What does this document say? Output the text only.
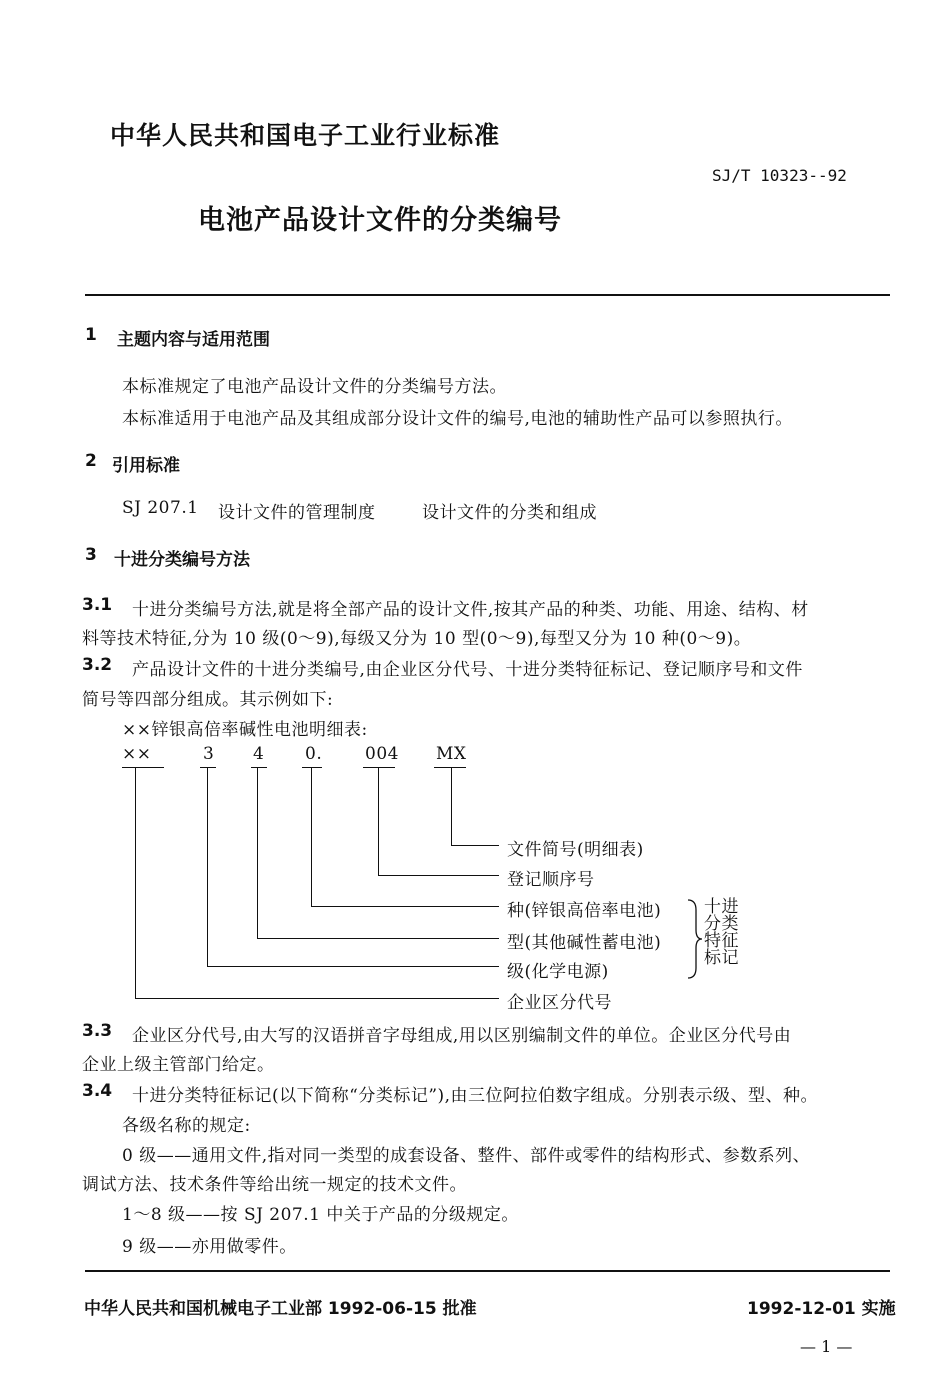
中华人民共和国电子工业行业标准
SJ/T 10323--92
电池产品设计文件的分类编号
1 主题内容与适用范围
本标准规定了电池产品设计文件的分类编号方法。
本标准适用于电池产品及其组成部分设计文件的编号,电池的辅助性产品可以参照执行。
2 引用标准
SJ 207.1 设计文件的管理制度	设计文件的分类和组成
3 十进分类编号方法
3.1 十进分类编号方法,就是将全部产品的设计文件,按其产品的种类、功能、用途、结构、材
料等技术特征,分为 10 级(0～9),每级又分为 10 型(0～9),每型又分为 10 种(0～9)。
3.2 产品设计文件的十进分类编号,由企业区分代号、十进分类特征标记、登记顺序号和文件
简号等四部分组成。其示例如下:
××锌银高倍率碱性电池明细表:
××	3 4 0.	004 MX
文件简号(明细表)
登记顺序号
种(锌银高倍率电池)
型(其他碱性蓄电池)
级(化学电源)
企业区分代号
十进
分类
特征
标记
3.3 企业区分代号,由大写的汉语拼音字母组成,用以区别编制文件的单位。企业区分代号由
企业上级主管部门给定。
3.4 十进分类特征标记(以下简称“分类标记”),由三位阿拉伯数字组成。分别表示级、型、种。
各级名称的规定:
0 级——通用文件,指对同一类型的成套设备、整件、部件或零件的结构形式、参数系列、
调试方法、技术条件等给出统一规定的技术文件。
1～8 级——按 SJ 207.1 中关于产品的分级规定。
9 级——亦用做零件。
中华人民共和国机械电子工业部 1992-06-15 批准	1992-12-01 实施
— 1 —
